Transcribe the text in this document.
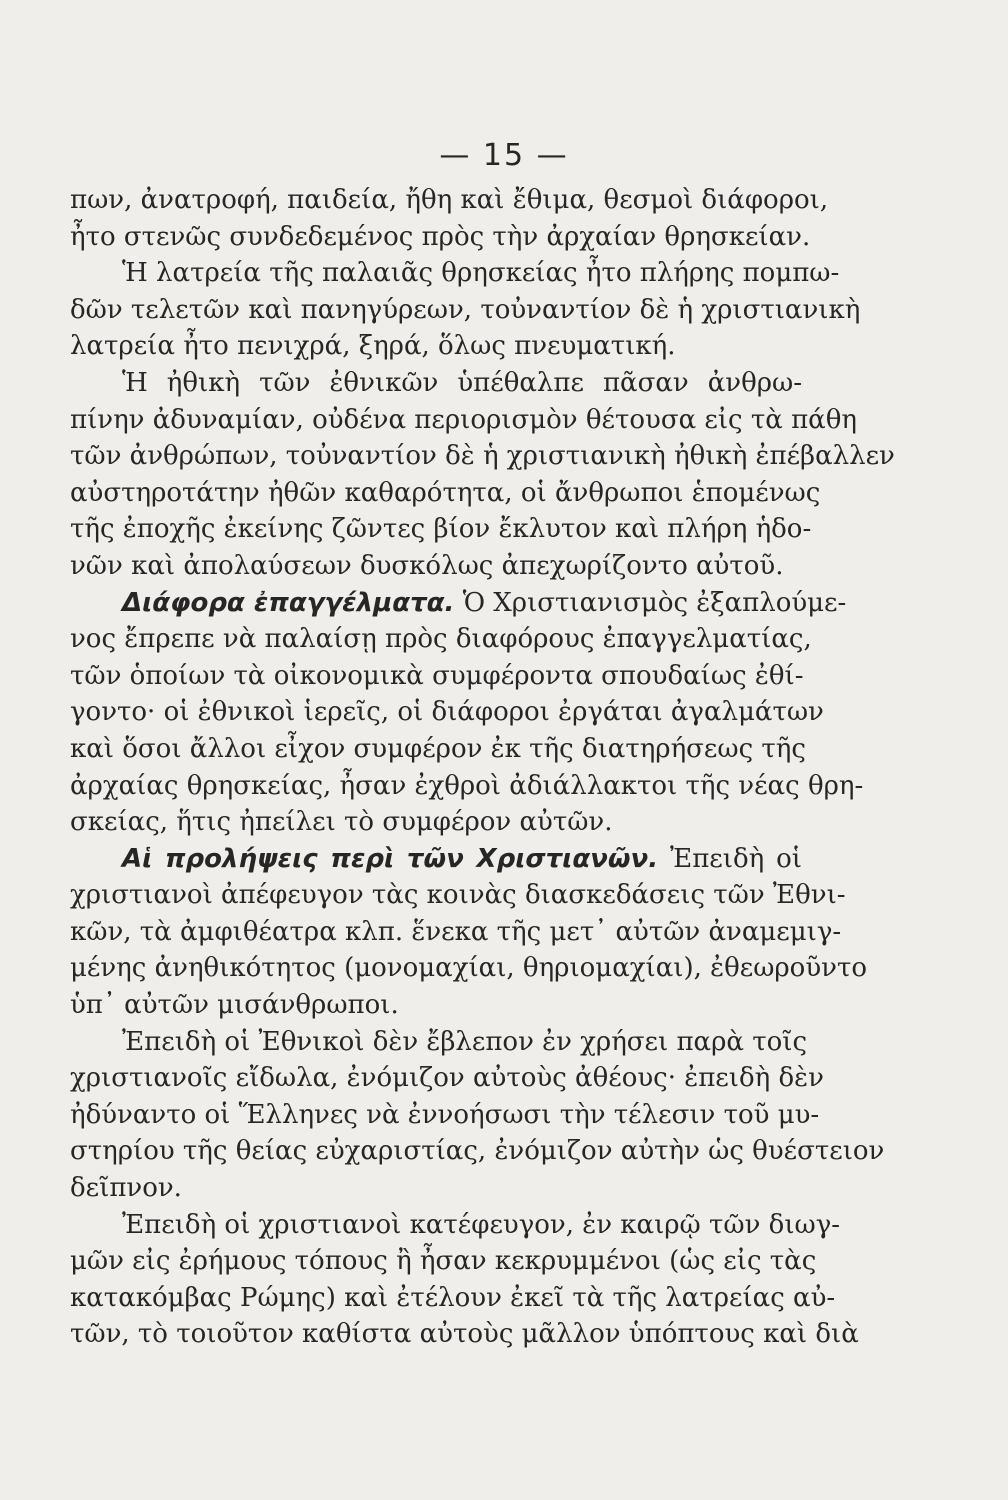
— 15 —
πων, ἀνατροφή, παιδεία, ἤθη καὶ ἔθιμα, θεσμοὶ διάφοροι,
ἦτο στενῶς συνδεδεμένος πρὸς τὴν ἀρχαίαν θρησκείαν.
Ἡ λατρεία τῆς παλαιᾶς θρησκείας ἦτο πλήρης πομπω-
δῶν τελετῶν καὶ πανηγύρεων, τοὐναντίον δὲ ἡ χριστιανικὴ
λατρεία ἦτο πενιχρά, ξηρά, ὅλως πνευματική.
Ἡ ἠθικὴ τῶν ἐθνικῶν ὑπέθαλπε πᾶσαν ἀνθρω-
πίνην ἀδυναμίαν, οὐδένα περιορισμὸν θέτουσα εἰς τὰ πάθη
τῶν ἀνθρώπων, τοὐναντίον δὲ ἡ χριστιανικὴ ἠθικὴ ἐπέβαλλεν
αὐστηροτάτην ἠθῶν καθαρότητα, οἱ ἄνθρωποι ἑπομένως
τῆς ἐποχῆς ἐκείνης ζῶντες βίον ἔκλυτον καὶ πλήρη ἡδο-
νῶν καὶ ἀπολαύσεων δυσκόλως ἀπεχωρίζοντο αὐτοῦ.
Διάφορα ἐπαγγέλματα. Ὁ Χριστιανισμὸς ἐξαπλούμε-
νος ἔπρεπε νὰ παλαίσῃ πρὸς διαφόρους ἐπαγγελματίας,
τῶν ὁποίων τὰ οἰκονομικὰ συμφέροντα σπουδαίως ἐθί-
γοντο· οἱ ἐθνικοὶ ἱερεῖς, οἱ διάφοροι ἐργάται ἀγαλμάτων
καὶ ὅσοι ἄλλοι εἶχον συμφέρον ἐκ τῆς διατηρήσεως τῆς
ἀρχαίας θρησκείας, ἦσαν ἐχθροὶ ἀδιάλλακτοι τῆς νέας θρη-
σκείας, ἥτις ἠπείλει τὸ συμφέρον αὐτῶν.
Αἱ προλήψεις περὶ τῶν Χριστιανῶν. Ἐπειδὴ οἱ
χριστιανοὶ ἀπέφευγον τὰς κοινὰς διασκεδάσεις τῶν Ἐθνι-
κῶν, τὰ ἀμφιθέατρα κλπ. ἕνεκα τῆς μετ᾽ αὐτῶν ἀναμεμιγ-
μένης ἀνηθικότητος (μονομαχίαι, θηριομαχίαι), ἐθεωροῦντο
ὑπ᾽ αὐτῶν μισάνθρωποι.
Ἐπειδὴ οἱ Ἐθνικοὶ δὲν ἔβλεπον ἐν χρήσει παρὰ τοῖς
χριστιανοῖς εἴδωλα, ἐνόμιζον αὐτοὺς ἀθέους· ἐπειδὴ δὲν
ἠδύναντο οἱ Ἕλληνες νὰ ἐννοήσωσι τὴν τέλεσιν τοῦ μυ-
στηρίου τῆς θείας εὐχαριστίας, ἐνόμιζον αὐτὴν ὡς θυέστειον
δεῖπνον.
Ἐπειδὴ οἱ χριστιανοὶ κατέφευγον, ἐν καιρῷ τῶν διωγ-
μῶν εἰς ἐρήμους τόπους ἢ ἦσαν κεκρυμμένοι (ὡς εἰς τὰς
κατακόμβας Ρώμης) καὶ ἐτέλουν ἐκεῖ τὰ τῆς λατρείας αὐ-
τῶν, τὸ τοιοῦτον καθίστα αὐτοὺς μᾶλλον ὑπόπτους καὶ διὰ
